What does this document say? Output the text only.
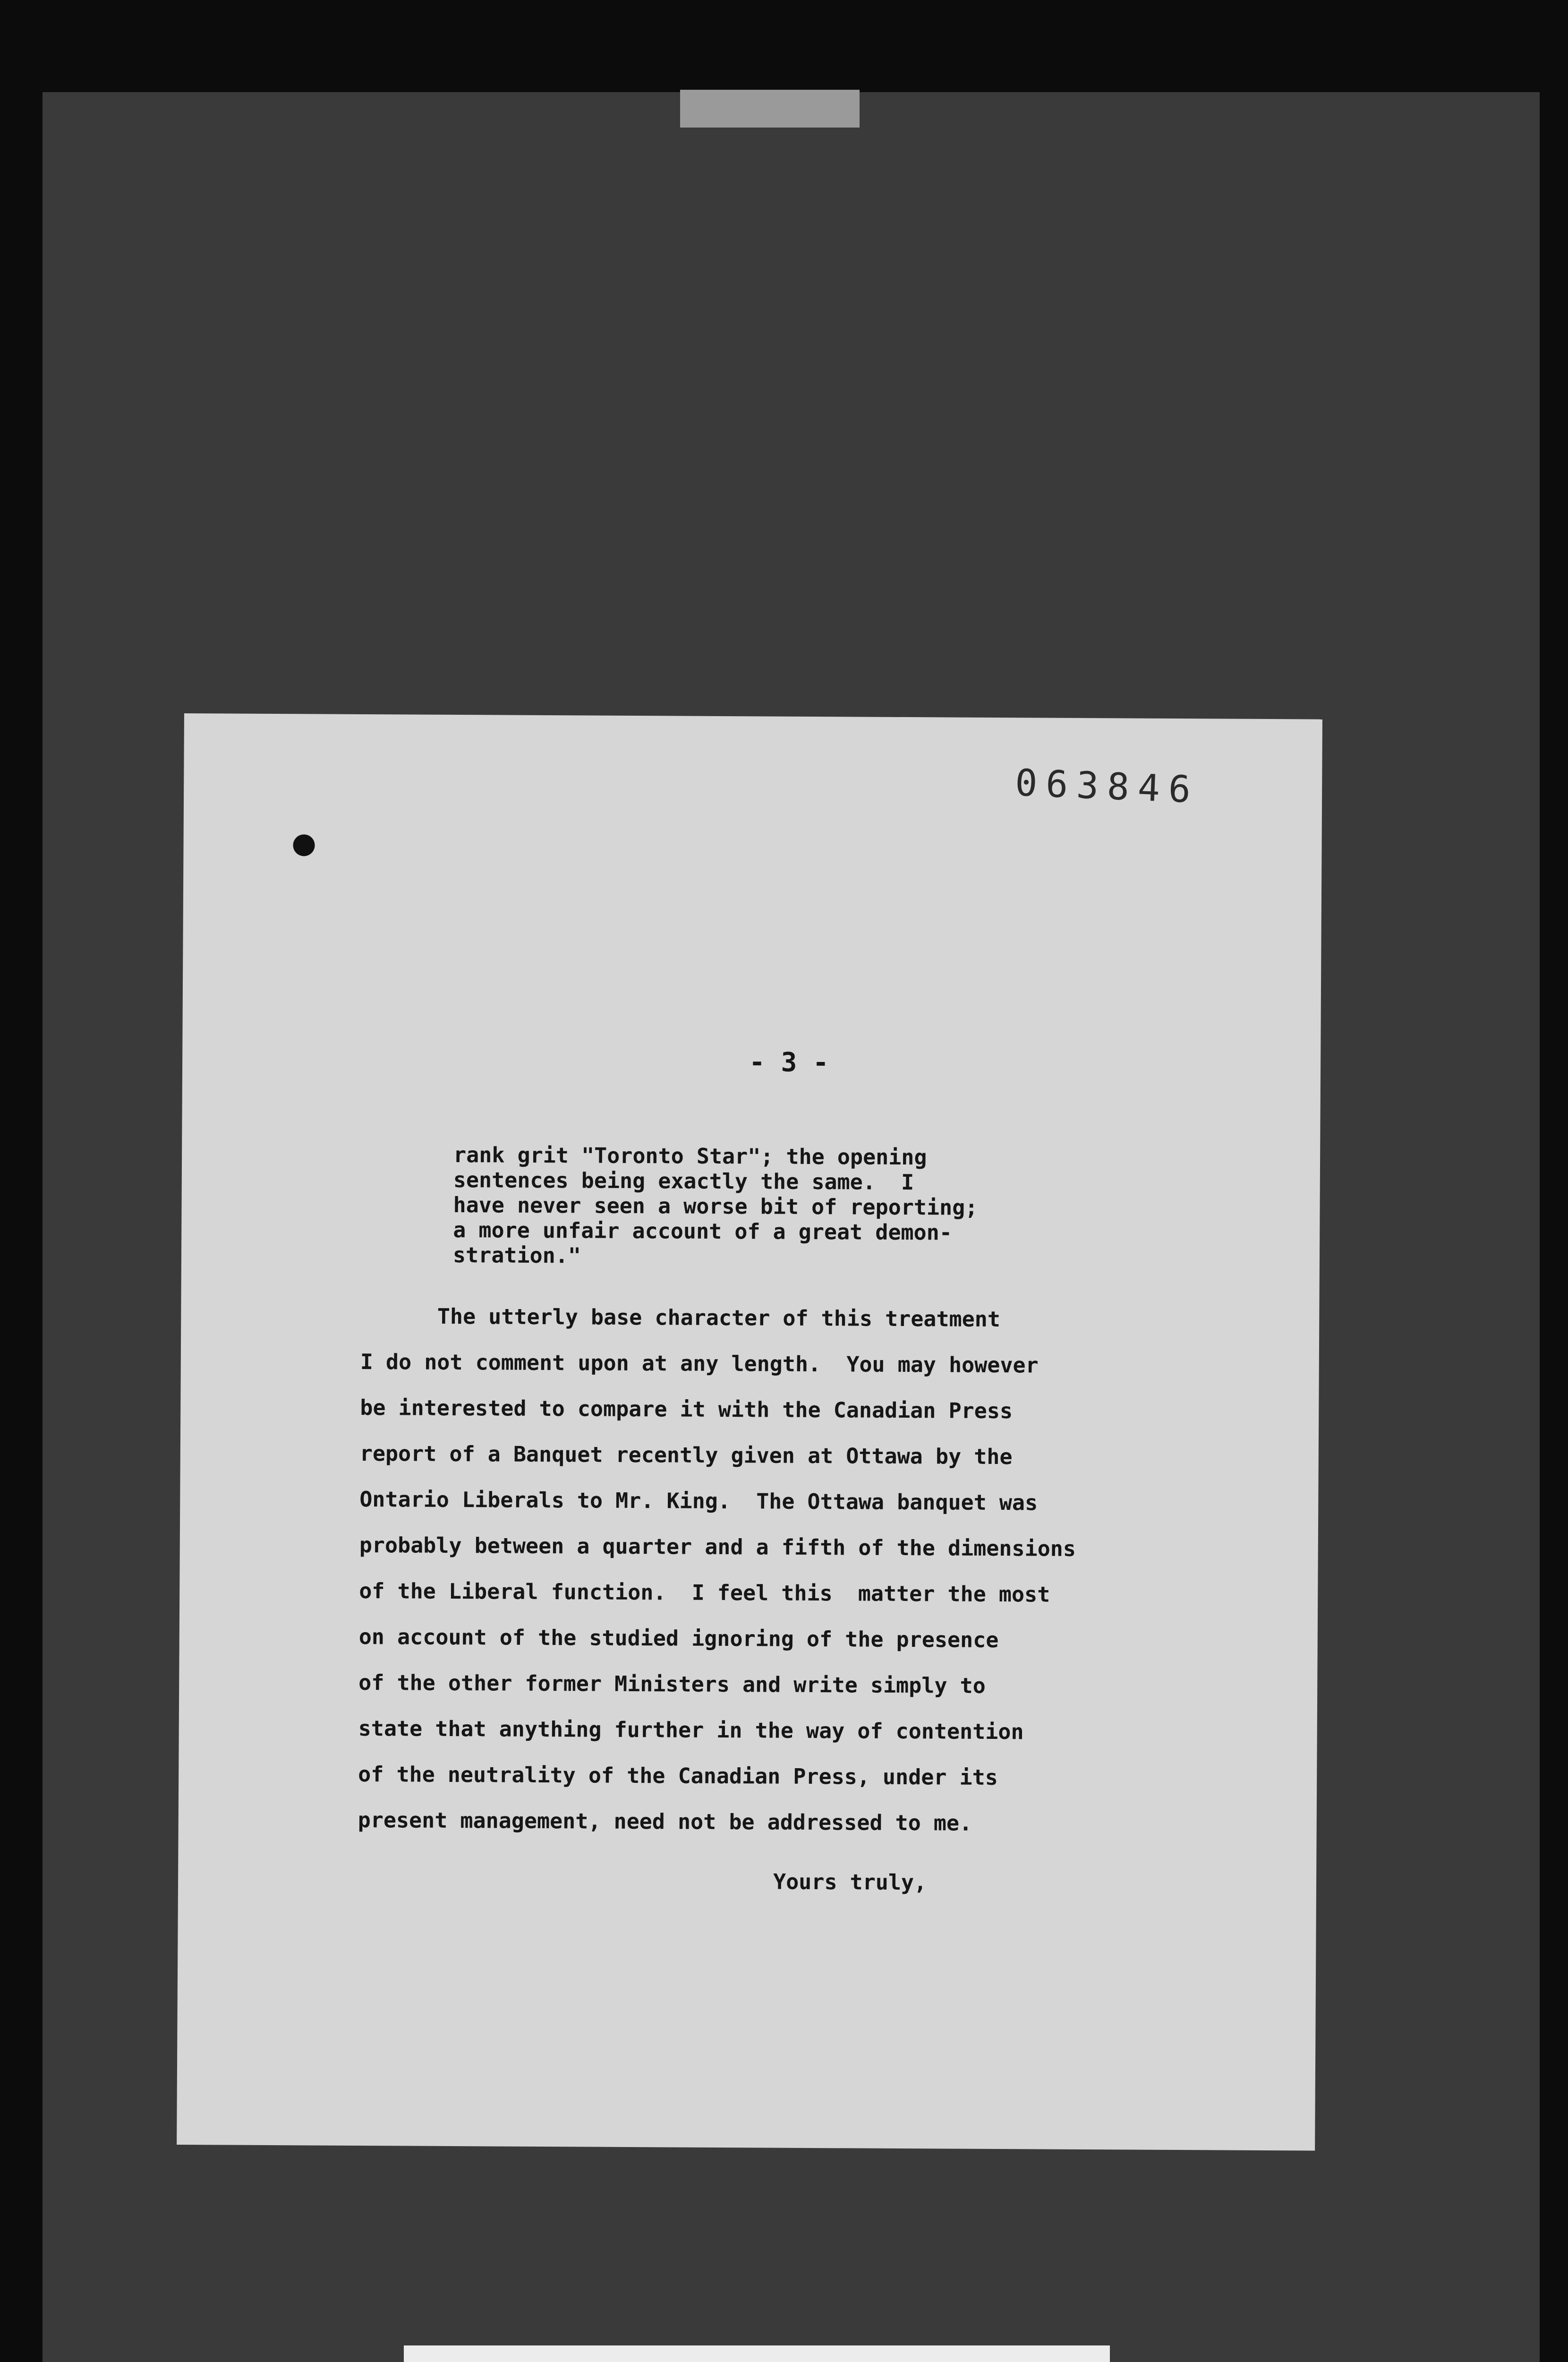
063846
- 3 -
rank grit "Toronto Star"; the opening
sentences being exactly the same.  I
have never seen a worse bit of reporting;
a more unfair account of a great demon-
stration."
The utterly base character of this treatment
I do not comment upon at any length.  You may however
be interested to compare it with the Canadian Press
report of a Banquet recently given at Ottawa by the
Ontario Liberals to Mr. King.  The Ottawa banquet was
probably between a quarter and a fifth of the dimensions
of the Liberal function.  I feel this  matter the most
on account of the studied ignoring of the presence
of the other former Ministers and write simply to
state that anything further in the way of contention
of the neutrality of the Canadian Press, under its
present management, need not be addressed to me.
Yours truly,
